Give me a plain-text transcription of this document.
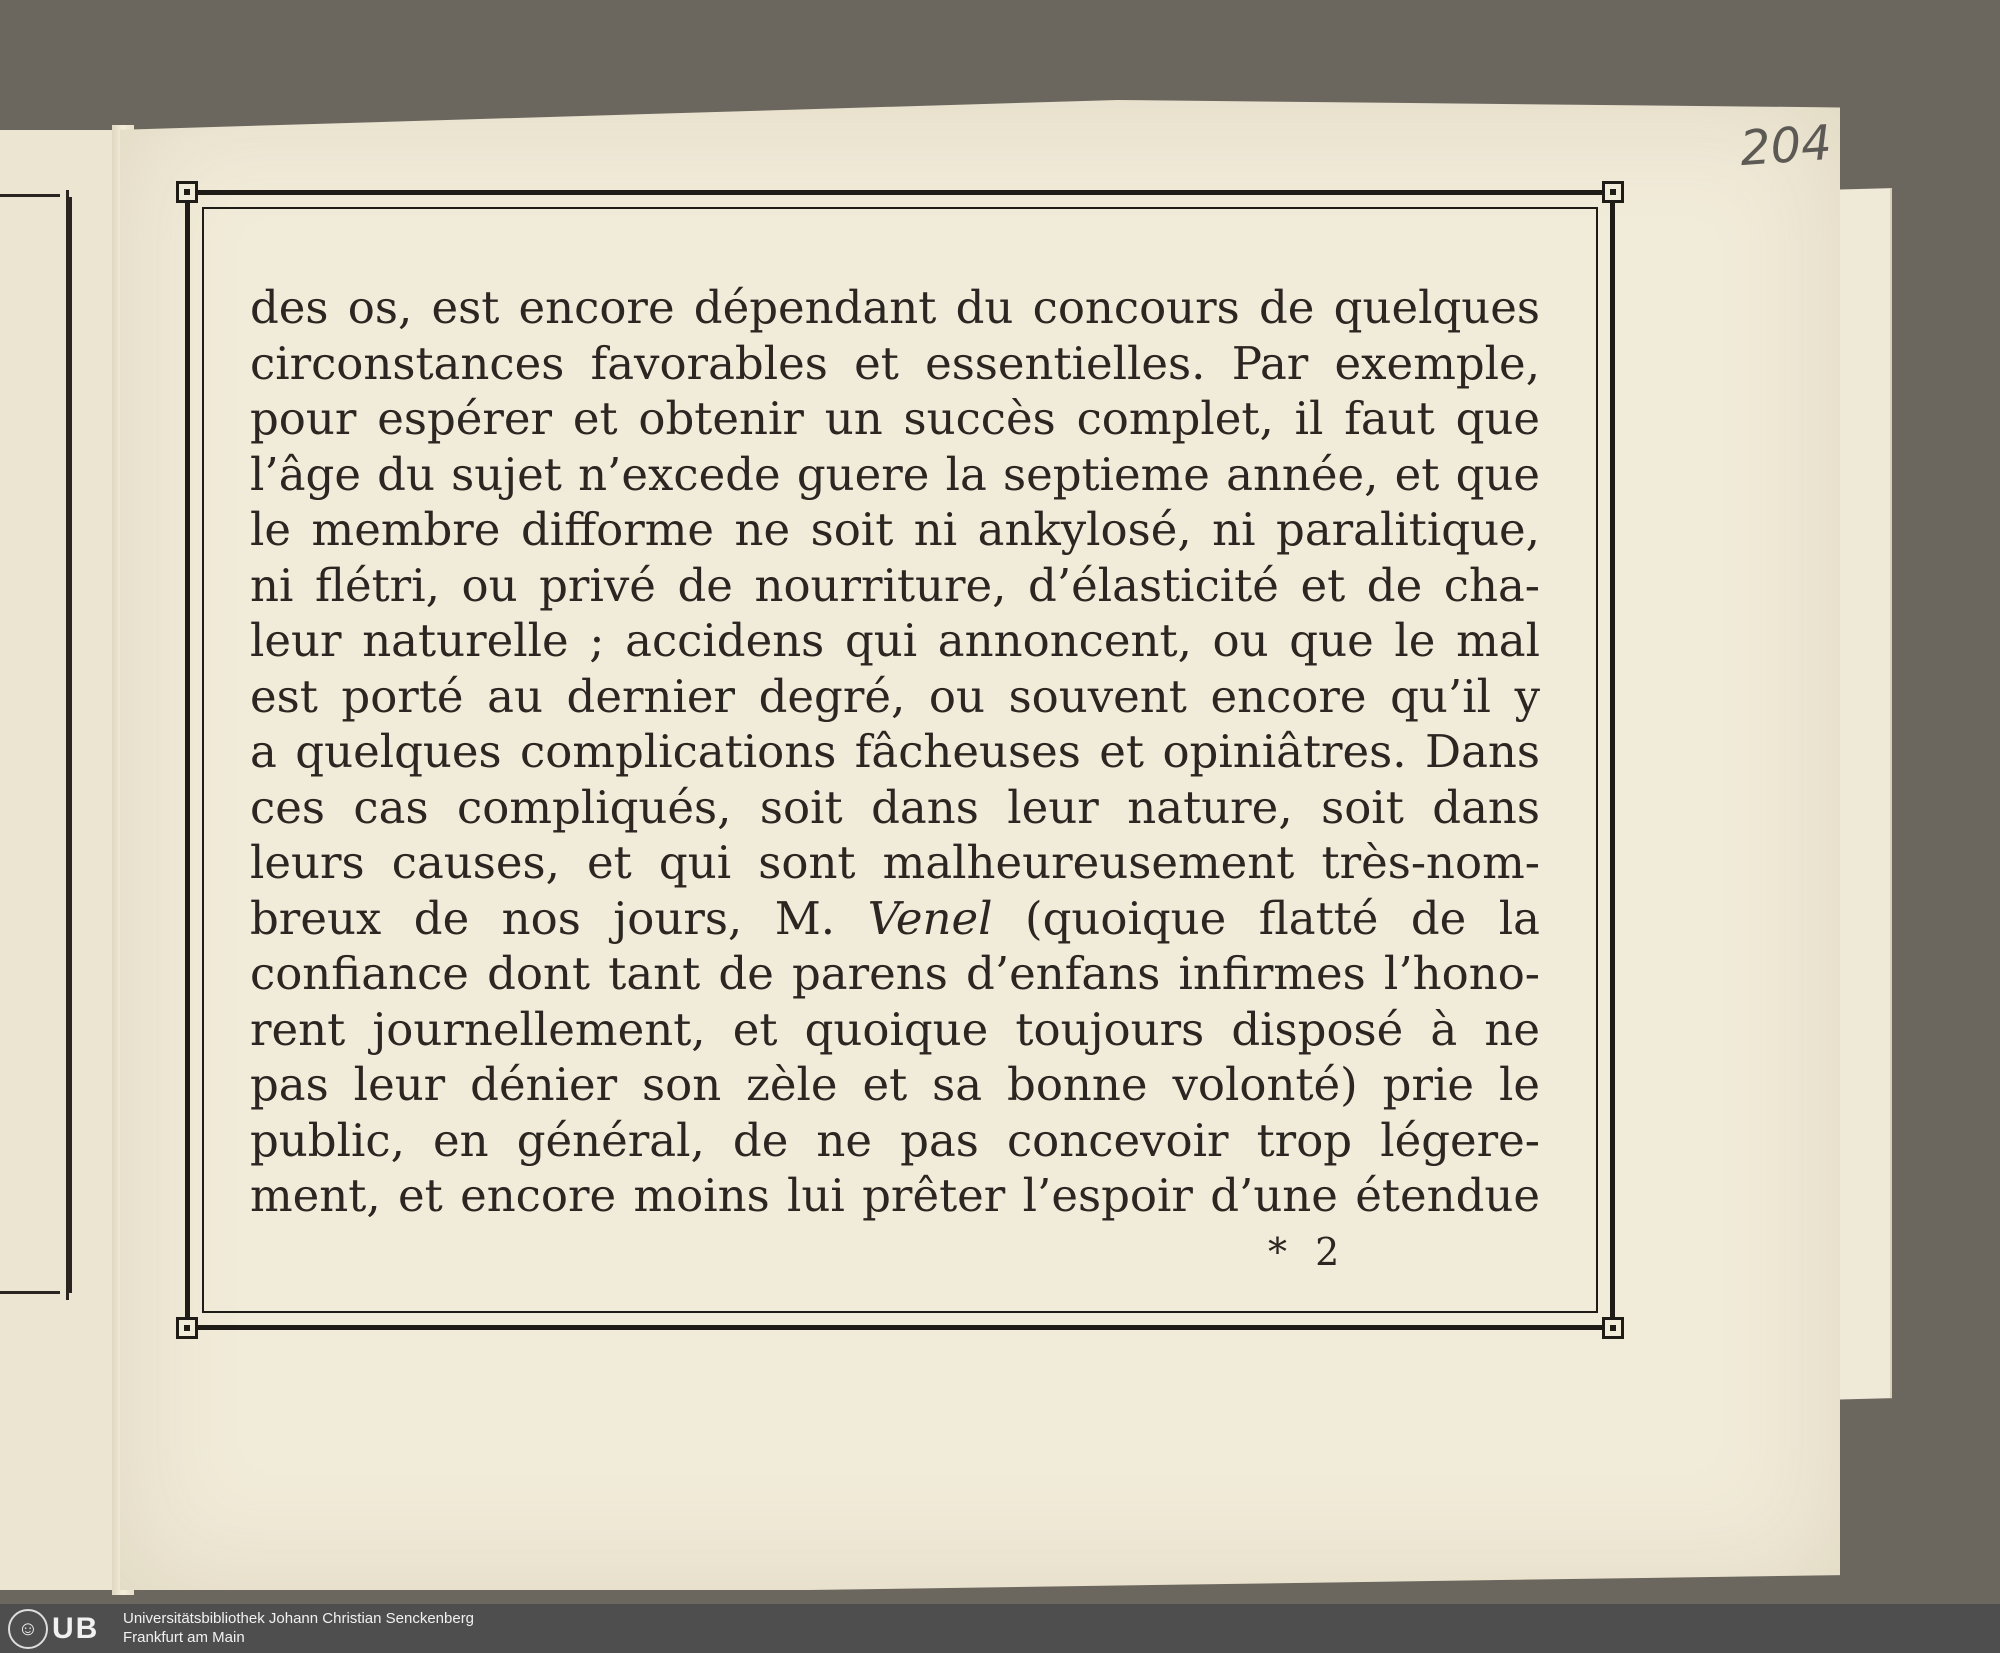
204
des os, est encore dépendant du concours de quelques
circonstances favorables et essentielles. Par exemple,
pour espérer et obtenir un succès complet, il faut que
l’âge du sujet n’excede guere la septieme année, et que
le membre difforme ne soit ni ankylosé, ni paralitique,
ni flétri, ou privé de nourriture, d’élasticité et de cha-
leur naturelle ; accidens qui annoncent, ou que le mal
est porté au dernier degré, ou souvent encore qu’il y
a quelques complications fâcheuses et opiniâtres. Dans
ces cas compliqués, soit dans leur nature, soit dans
leurs causes, et qui sont malheureusement très-nom-
breux de nos jours, M. Venel (quoique flatté de la
confiance dont tant de parens d’enfans infirmes l’hono-
rent journellement, et quoique toujours disposé à ne
pas leur dénier son zèle et sa bonne volonté) prie le
public, en général, de ne pas concevoir trop légere-
ment, et encore moins lui prêter l’espoir d’une étendue
* 2
☺ UB Universitätsbibliothek Johann Christian Senckenberg
Frankfurt am Main
